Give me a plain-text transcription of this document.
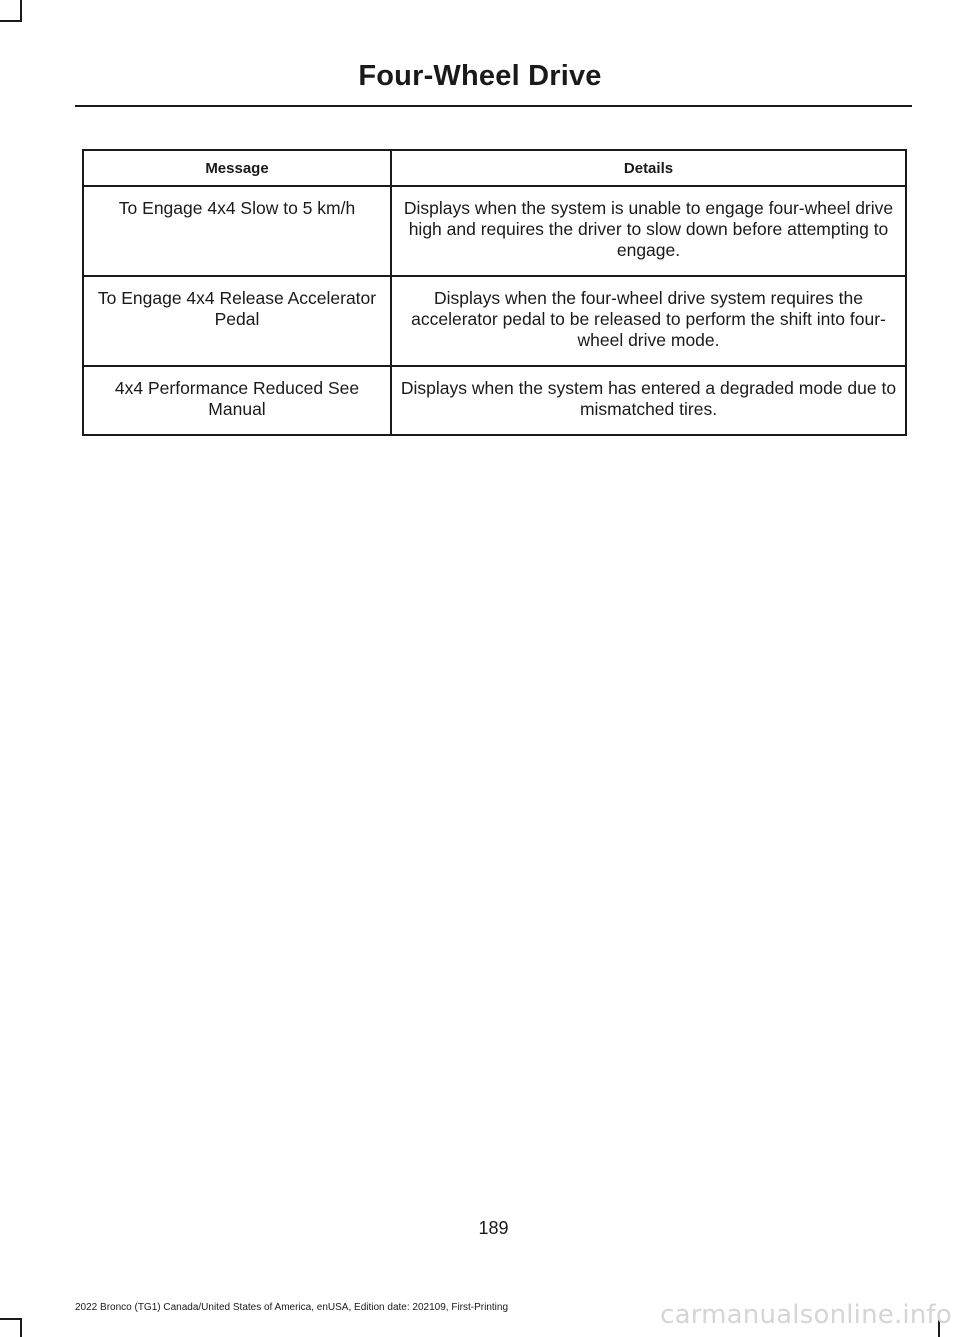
Four-Wheel Drive
Message	Details
To Engage 4x4 Slow to 5 km/h	Displays when the system is unable to engage four-wheel drive high and requires the driver to slow down before attempting to engage.
To Engage 4x4 Release Accelerator Pedal	Displays when the four-wheel drive system requires the accelerator pedal to be released to perform the shift into four-wheel drive mode.
4x4 Performance Reduced See Manual	Displays when the system has entered a degraded mode due to mismatched tires.
189
2022 Bronco (TG1) Canada/United States of America, enUSA, Edition date: 202109, First-Printing	carmanualsonline.info
